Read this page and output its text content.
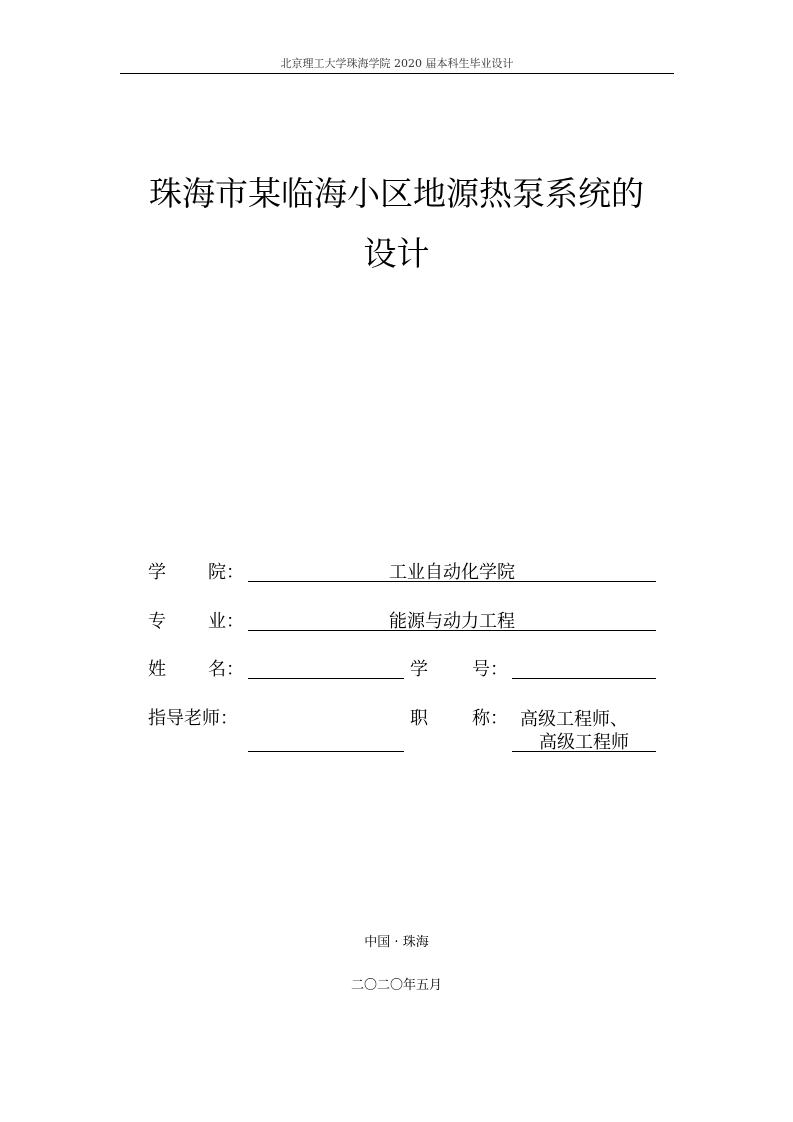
北京理工大学珠海学院 2020 届本科生毕业设计
珠海市某临海小区地源热泵系统的
设计
学 院：	工业自动化学院
专 业：	能源与动力工程
姓 名：	学 号：
指导老师：	职 称： 高级工程师、
高级工程师
中国 · 珠海
二〇二〇年五月
